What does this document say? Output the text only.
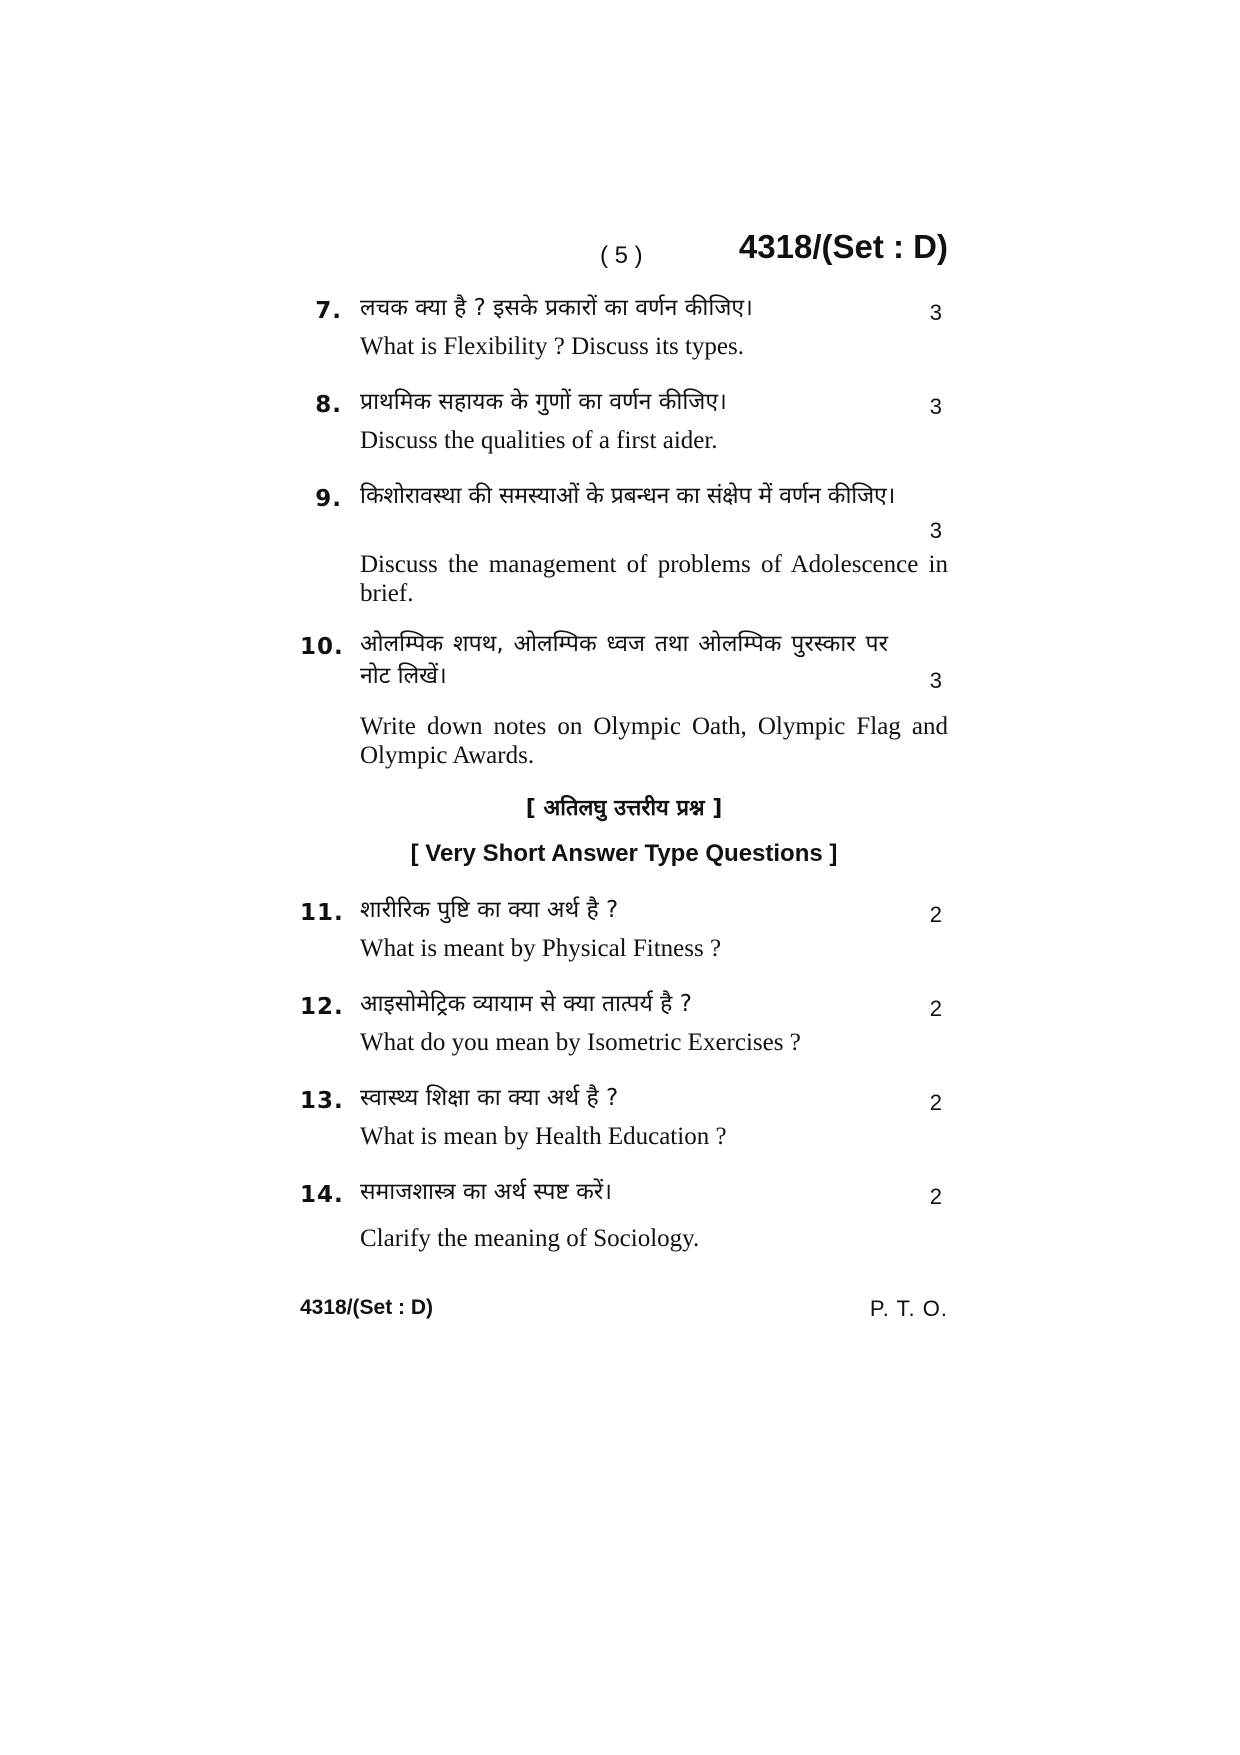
( 5 )	4318/(Set : D)
7. लचक क्या है ? इसके प्रकारों का वर्णन कीजिए।	3
What is Flexibility ? Discuss its types.
8. प्राथमिक सहायक के गुणों का वर्णन कीजिए।	3
Discuss the qualities of a first aider.
9. किशोरावस्था की समस्याओं के प्रबन्धन का संक्षेप में वर्णन कीजिए।
3
Discuss the management of problems of Adolescence in brief.
10. ओलम्पिक शपथ, ओलम्पिक ध्वज तथा ओलम्पिक पुरस्कार पर नोट लिखें।	3
Write down notes on Olympic Oath, Olympic Flag and Olympic Awards.
[ अतिलघु उत्तरीय प्रश्न ]
[ Very Short Answer Type Questions ]
11. शारीरिक पुष्टि का क्या अर्थ है ?	2
What is meant by Physical Fitness ?
12. आइसोमेट्रिक व्यायाम से क्या तात्पर्य है ?	2
What do you mean by Isometric Exercises ?
13. स्वास्थ्य शिक्षा का क्या अर्थ है ?	2
What is mean by Health Education ?
14. समाजशास्त्र का अर्थ स्पष्ट करें।	2
Clarify the meaning of Sociology.
4318/(Set : D)	P. T. O.
